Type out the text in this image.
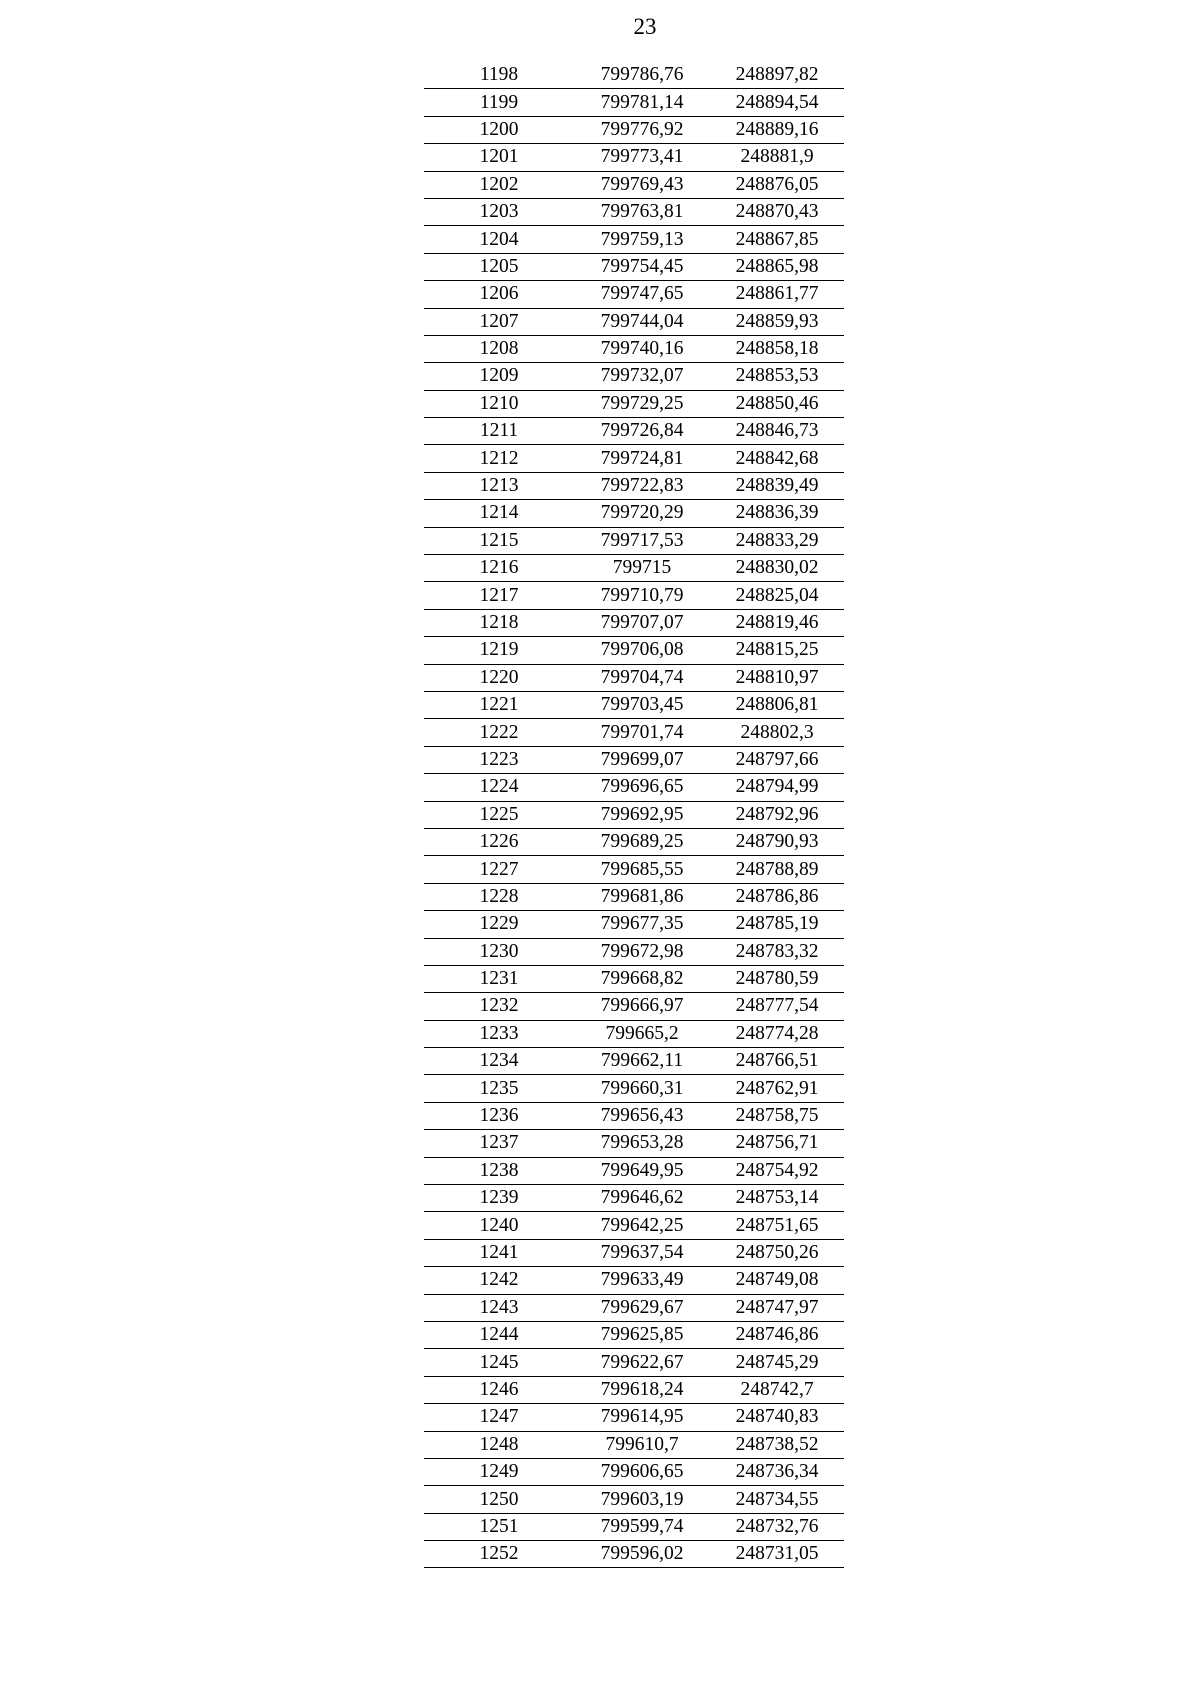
23
1198	799786,76	248897,82
1199	799781,14	248894,54
1200	799776,92	248889,16
1201	799773,41	248881,9
1202	799769,43	248876,05
1203	799763,81	248870,43
1204	799759,13	248867,85
1205	799754,45	248865,98
1206	799747,65	248861,77
1207	799744,04	248859,93
1208	799740,16	248858,18
1209	799732,07	248853,53
1210	799729,25	248850,46
1211	799726,84	248846,73
1212	799724,81	248842,68
1213	799722,83	248839,49
1214	799720,29	248836,39
1215	799717,53	248833,29
1216	799715	248830,02
1217	799710,79	248825,04
1218	799707,07	248819,46
1219	799706,08	248815,25
1220	799704,74	248810,97
1221	799703,45	248806,81
1222	799701,74	248802,3
1223	799699,07	248797,66
1224	799696,65	248794,99
1225	799692,95	248792,96
1226	799689,25	248790,93
1227	799685,55	248788,89
1228	799681,86	248786,86
1229	799677,35	248785,19
1230	799672,98	248783,32
1231	799668,82	248780,59
1232	799666,97	248777,54
1233	799665,2	248774,28
1234	799662,11	248766,51
1235	799660,31	248762,91
1236	799656,43	248758,75
1237	799653,28	248756,71
1238	799649,95	248754,92
1239	799646,62	248753,14
1240	799642,25	248751,65
1241	799637,54	248750,26
1242	799633,49	248749,08
1243	799629,67	248747,97
1244	799625,85	248746,86
1245	799622,67	248745,29
1246	799618,24	248742,7
1247	799614,95	248740,83
1248	799610,7	248738,52
1249	799606,65	248736,34
1250	799603,19	248734,55
1251	799599,74	248732,76
1252	799596,02	248731,05
